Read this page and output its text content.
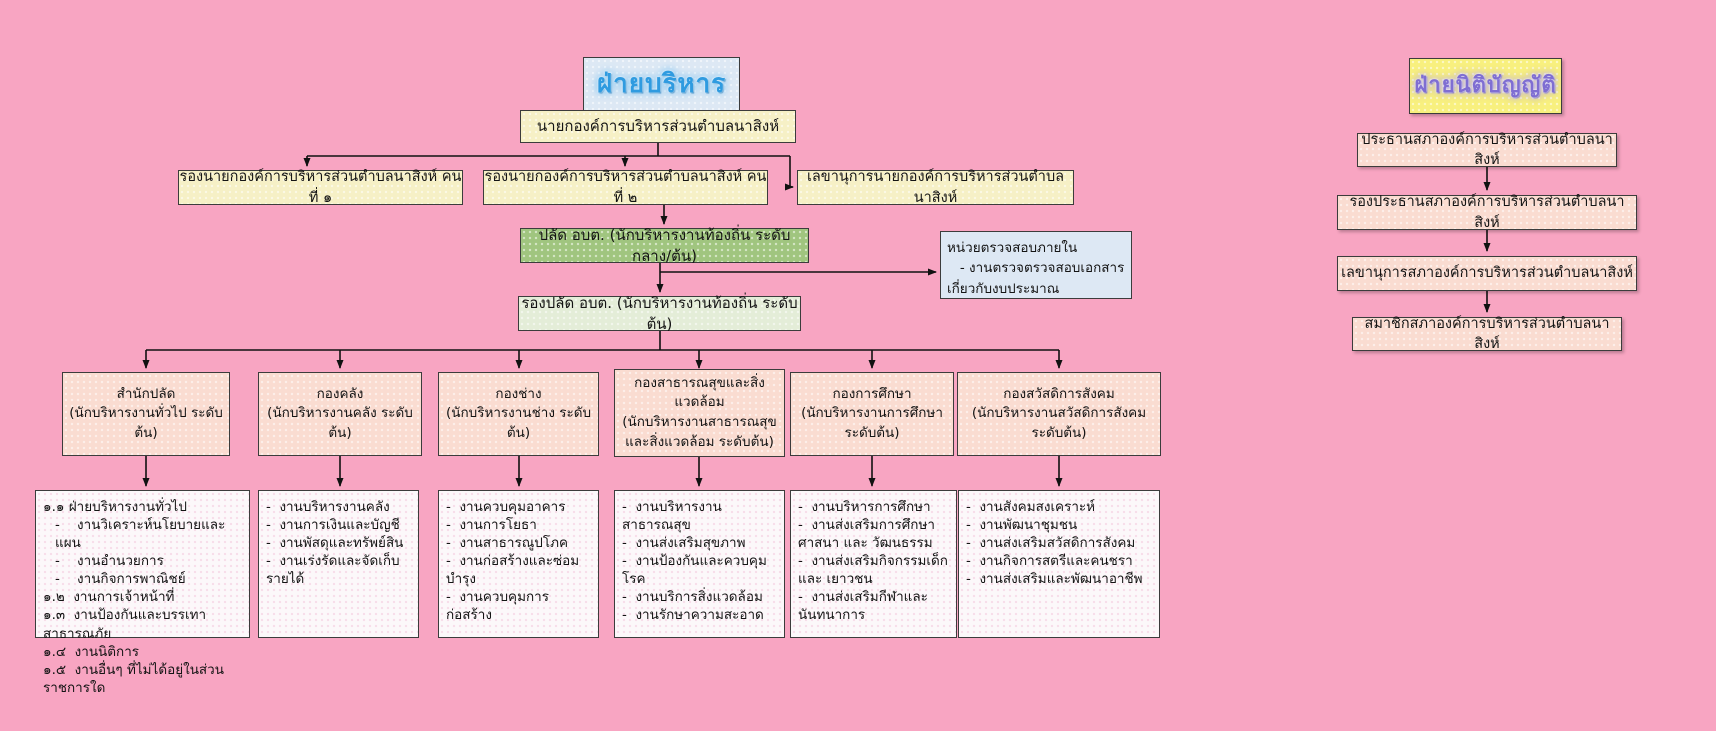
ฝ่ายบริหาร
นายกองค์การบริหารส่วนตำบลนาสิงห์
รองนายกองค์การบริหารส่วนตำบลนาสิงห์ คนที่ ๑
รองนายกองค์การบริหารส่วนตำบลนาสิงห์ คนที่ ๒
เลขานุการนายกองค์การบริหารส่วนตำบลนาสิงห์
ปลัด อบต. (นักบริหารงานท้องถิ่น ระดับกลาง/ต้น)	หน่วยตรวจสอบภายใน
- งานตรวจตรวจสอบเอกสาร เกี่ยวกับงบประมาณ
รองปลัด อบต. (นักบริหารงานท้องถิ่น ระดับต้น)
สำนักปลัด
(นักบริหารงานทั่วไป ระดับต้น)
กองคลัง
(นักบริหารงานคลัง ระดับต้น)
กองช่าง
(นักบริหารงานช่าง ระดับต้น)
กองสาธารณสุขและสิ่งแวดล้อม
(นักบริหารงานสาธารณสุข และสิ่งแวดล้อม ระดับต้น)
กองการศึกษา
(นักบริหารงานการศึกษา ระดับต้น)
กองสวัสดิการสังคม
(นักบริหารงานสวัสดิการสังคม ระดับต้น)
๑.๑ ฝ่ายบริหารงานทั่วไป
-    งานวิเคราะห์นโยบายและแผน
-    งานอำนวยการ
-    งานกิจการพาณิชย์
๑.๒  งานการเจ้าหน้าที่
๑.๓  งานป้องกันและบรรเทาสาธารณภัย
๑.๔  งานนิติการ
๑.๕  งานอื่นๆ ที่ไม่ได้อยู่ในส่วนราชการใด
-  งานบริหารงานคลัง
-  งานการเงินและบัญชี
-  งานพัสดุและทรัพย์สิน
-  งานเร่งรัดและจัดเก็บรายได้
-  งานควบคุมอาคาร
-  งานการโยธา
-  งานสาธารณูปโภค
-  งานก่อสร้างและซ่อมบำรุง
-  งานควบคุมการก่อสร้าง
-  งานบริหารงานสาธารณสุข
-  งานส่งเสริมสุขภาพ
-  งานป้องกันและควบคุมโรค
-  งานบริการสิ่งแวดล้อม
-  งานรักษาความสะอาด
-  งานบริหารการศึกษา
-  งานส่งเสริมการศึกษา ศาสนา และ วัฒนธรรม
-  งานส่งเสริมกิจกรรมเด็กและ เยาวชน
-  งานส่งเสริมกีฬาและ นันทนาการ
-  งานสังคมสงเคราะห์
-  งานพัฒนาชุมชน
-  งานส่งเสริมสวัสดิการสังคม
-  งานกิจการสตรีและคนชรา
-  งานส่งเสริมและพัฒนาอาชีพ
ฝ่ายนิติบัญญัติ
ประธานสภาองค์การบริหารส่วนตำบลนาสิงห์
รองประธานสภาองค์การบริหารส่วนตำบลนาสิงห์
เลขานุการสภาองค์การบริหารส่วนตำบลนาสิงห์
สมาชิกสภาองค์การบริหารส่วนตำบลนาสิงห์
